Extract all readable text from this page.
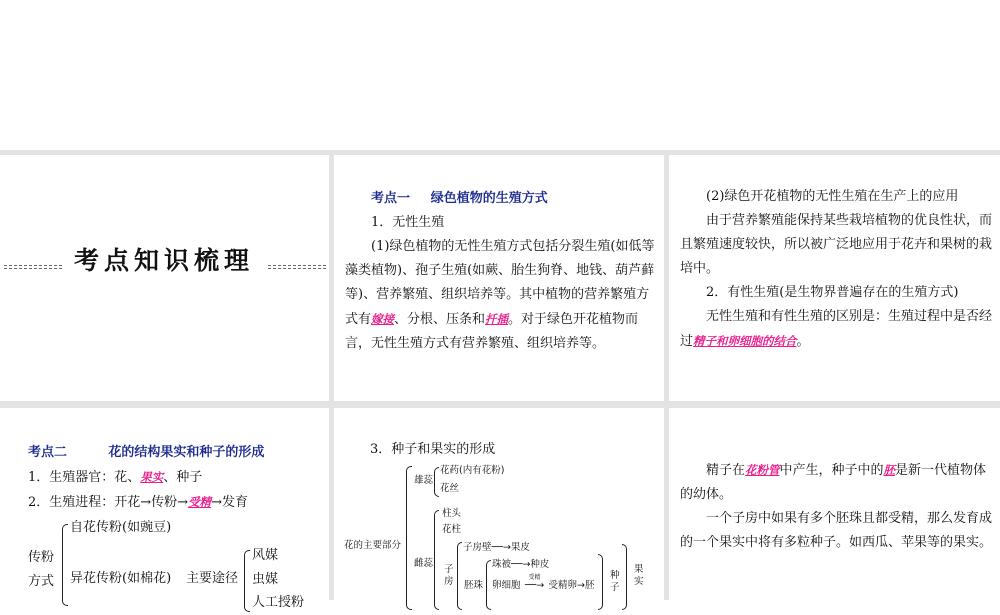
考点知识梳理

考点一 绿色植物的生殖方式

1．无性生殖

(1)绿色植物的无性生殖方式包括分裂生殖(如低等藻类植物)、孢子生殖(如蕨、胎生狗脊、地钱、葫芦藓等)、营养繁殖、组织培养等。其中植物的营养繁殖方式有嫁接、分根、压条和扦插。对于绿色开花植物而言，无性生殖方式有营养繁殖、组织培养等。

(2)绿色开花植物的无性生殖在生产上的应用

由于营养繁殖能保持某些栽培植物的优良性状，而且繁殖速度较快，所以被广泛地应用于花卉和果树的栽培中。

2．有性生殖(是生物界普遍存在的生殖方式)

无性生殖和有性生殖的区别是：生殖过程中是否经过精子和卵细胞的结合。

考点二	花的结构果实和种子的形成

1．生殖器官：花、果实、种子

2．生殖进程：开花→传粉→受精→发育

传粉方式
自花传粉(如豌豆)
异花传粉(如棉花) 主要途径
风媒
虫媒
人工授粉
3．种子和果实的形成
花的主要部分
雄蕊
花药(内有花粉)
花丝
雌蕊
柱头
花柱
子房
子房壁──→果皮
胚珠
珠被──→种皮
卵细胞
受精
──→ 受精卵→胚
种子
果实

精子在花粉管中产生，种子中的胚是新一代植物体的幼体。

一个子房中如果有多个胚珠且都受精，那么发育成的一个果实中将有多粒种子。如西瓜、苹果等的果实。
